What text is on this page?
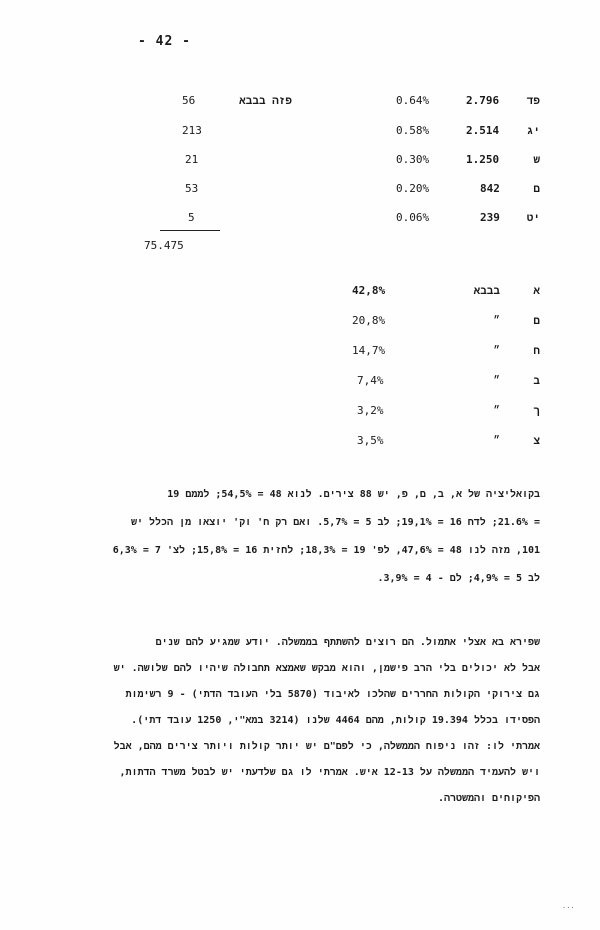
- 42 -
פד
2.796
0.64%
פזה בבבא
56
יג
2.514
0.58%
213
ש
1.250
0.30%
21
ם
842
0.20%
53
יט
239
0.06%
5
75.475
א
בבבא
42,8%
ם
״
20,8%
ח
״
14,7%
ב
״
7,4%
ך
״
3,2%
צ
״
3,5%
בקואליציה של א, ב, ם, פ, יש 88 צירים. לנוא 48 = 54,5%; לממם 19
= 21.6%; לדח 16 = 19,1%; לב 5 = 5,7%. ואם רק ח' וק' יוצאו מן הכלל יש
101, מזה לנו 48 = 47,6%, לפ' 19 = 18,3%; לחזית 16 = 15,8%; לצ' 7 = 6,3%
לב 5 = 4,9%; לם - 4 = 3,9%.
שפירא בא אצלי אתמול. הם רוצים להשתתף בממשלה. יודע שמגיע להם שנים
אבל לא יכולים בלי הרב פישמן, והוא מבקש שאמצא תחבולה שיהיו להם שלושה. יש
גם צירוקי הקולות החררים שהלכו לאיבוד (5870 בלי העובד הדתי) - 9 רשימות
הפסידו בכלל 19.394 קולות, מהם 4464 שלנו (3214 במא"י, 1250 עובד דתי).
אמרתי לו: זהו ניפוח הממשלה, כי לפם"ם יש יותר קולות ויותר צירים מהם, אבל
ויש להעמיד הממשלה על 12-13 איש. אמרתי לו גם שלדעתי יש לבטל משרד הדתות,
הפיקוחים והמשטרה.
...
